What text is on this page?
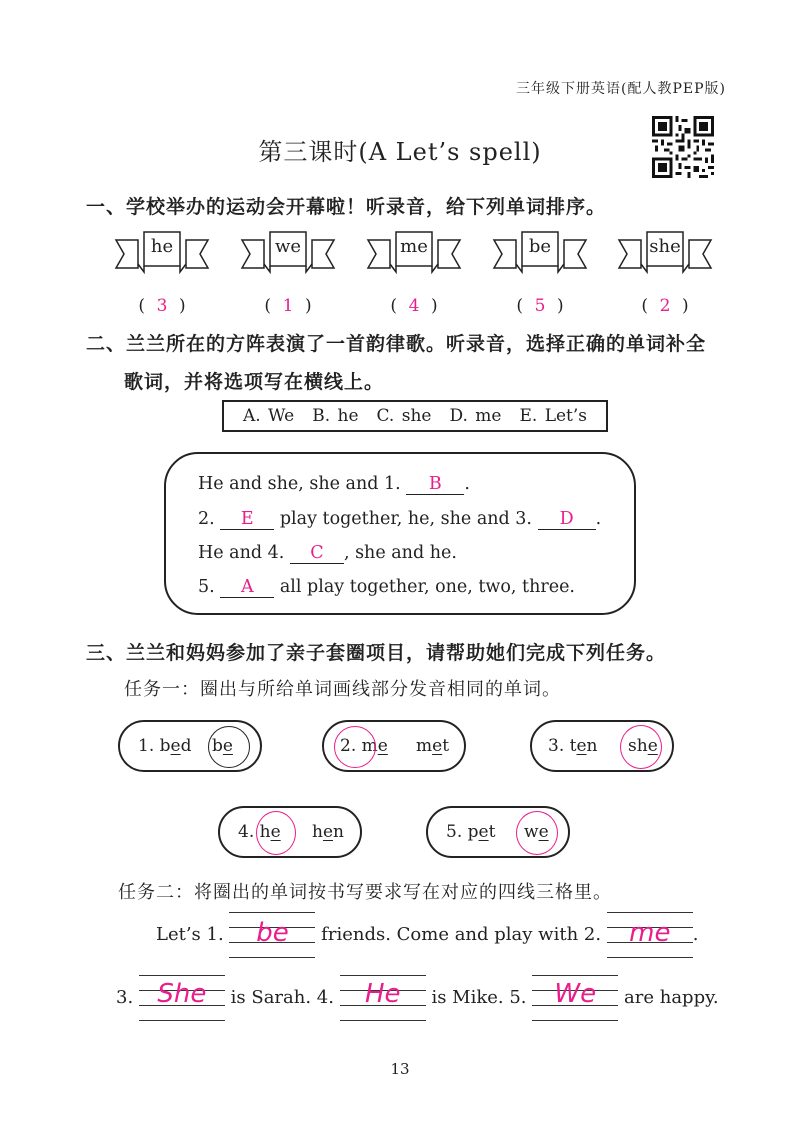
三年级下册英语(配人教PEP版)
第三课时(A Let’s spell)
一、学校举办的运动会开幕啦！听录音，给下列单词排序。
he
( 3 )
we
( 1 )
me
( 4 )
be
( 5 )
she
( 2 )
二、兰兰所在的方阵表演了一首韵律歌。听录音，选择正确的单词补全
歌词，并将选项写在横线上。
A. We B. he C. she D. me E. Let’s
He and she, she and 1. B .
2. E play together, he, she and 3. D .
He and 4. C , she and he.
5. A all play together, one, two, three.
三、兰兰和妈妈参加了亲子套圈项目，请帮助她们完成下列任务。
任务一：圈出与所给单词画线部分发音相同的单词。
1. bed be	2. me met	3. ten she
4. he hen	5. pet we
任务二：将圈出的单词按书写要求写在对应的四线三格里。
Let’s 1.	be	friends. Come and play with 2.	me	.
3. She	is Sarah. 4.	He	is Mike. 5.	We	are happy.
13
